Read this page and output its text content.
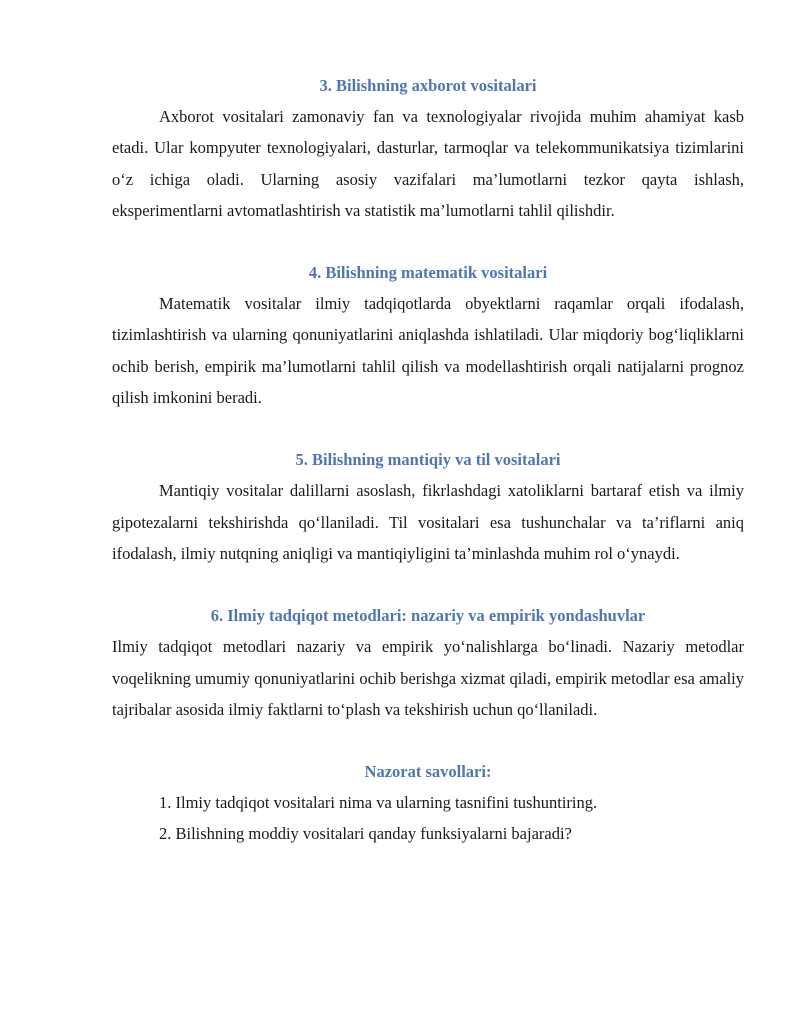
3. Bilishning axborot vositalari

Axborot vositalari zamonaviy fan va texnologiyalar rivojida muhim ahamiyat kasb etadi. Ular kompyuter texnologiyalari, dasturlar, tarmoqlar va telekommunikatsiya tizimlarini o‘z ichiga oladi. Ularning asosiy vazifalari ma’lumotlarni tezkor qayta ishlash, eksperimentlarni avtomatlashtirish va statistik ma’lumotlarni tahlil qilishdir.

4. Bilishning matematik vositalari

Matematik vositalar ilmiy tadqiqotlarda obyektlarni raqamlar orqali ifodalash, tizimlashtirish va ularning qonuniyatlarini aniqlashda ishlatiladi. Ular miqdoriy bog‘liqliklarni ochib berish, empirik ma’lumotlarni tahlil qilish va modellashtirish orqali natijalarni prognoz qilish imkonini beradi.

5. Bilishning mantiqiy va til vositalari

Mantiqiy vositalar dalillarni asoslash, fikrlashdagi xatoliklarni bartaraf etish va ilmiy gipotezalarni tekshirishda qo‘llaniladi. Til vositalari esa tushunchalar va ta’riflarni aniq ifodalash, ilmiy nutqning aniqligi va mantiqiyligini ta’minlashda muhim rol o‘ynaydi.

6. Ilmiy tadqiqot metodlari: nazariy va empirik yondashuvlar

Ilmiy tadqiqot metodlari nazariy va empirik yo‘nalishlarga bo‘linadi. Nazariy metodlar voqelikning umumiy qonuniyatlarini ochib berishga xizmat qiladi, empirik metodlar esa amaliy tajribalar asosida ilmiy faktlarni to‘plash va tekshirish uchun qo‘llaniladi.

Nazorat savollari:
1. Ilmiy tadqiqot vositalari nima va ularning tasnifini tushuntiring.
2. Bilishning moddiy vositalari qanday funksiyalarni bajaradi?
